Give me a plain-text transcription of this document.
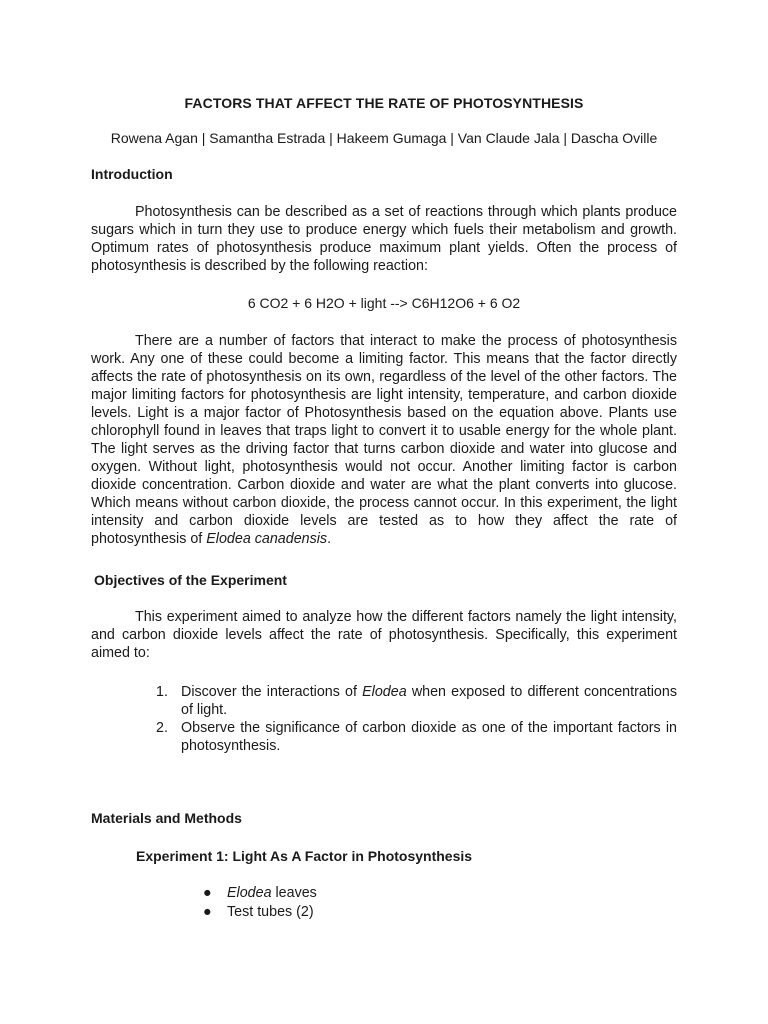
FACTORS THAT AFFECT THE RATE OF PHOTOSYNTHESIS
Rowena Agan | Samantha Estrada | Hakeem Gumaga | Van Claude Jala | Dascha Oville
Introduction
Photosynthesis can be described as a set of reactions through which plants produce sugars which in turn they use to produce energy which fuels their metabolism and growth. Optimum rates of photosynthesis produce maximum plant yields. Often the process of photosynthesis is described by the following reaction:
6 CO2 + 6 H2O + light --> C6H12O6 + 6 O2
There are a number of factors that interact to make the process of photosynthesis work. Any one of these could become a limiting factor. This means that the factor directly affects the rate of photosynthesis on its own, regardless of the level of the other factors. The major limiting factors for photosynthesis are light intensity, temperature, and carbon dioxide levels. Light is a major factor of Photosynthesis based on the equation above. Plants use chlorophyll found in leaves that traps light to convert it to usable energy for the whole plant. The light serves as the driving factor that turns carbon dioxide and water into glucose and oxygen. Without light, photosynthesis would not occur. Another limiting factor is carbon dioxide concentration. Carbon dioxide and water are what the plant converts into glucose. Which means without carbon dioxide, the process cannot occur. In this experiment, the light intensity and carbon dioxide levels are tested as to how they affect the rate of photosynthesis of Elodea canadensis.
Objectives of the Experiment
This experiment aimed to analyze how the different factors namely the light intensity, and carbon dioxide levels affect the rate of photosynthesis. Specifically, this experiment aimed to:
1. Discover the interactions of Elodea when exposed to different concentrations of light.
2. Observe the significance of carbon dioxide as one of the important factors in photosynthesis.
Materials and Methods
Experiment 1: Light As A Factor in Photosynthesis
● Elodea leaves
● Test tubes (2)
